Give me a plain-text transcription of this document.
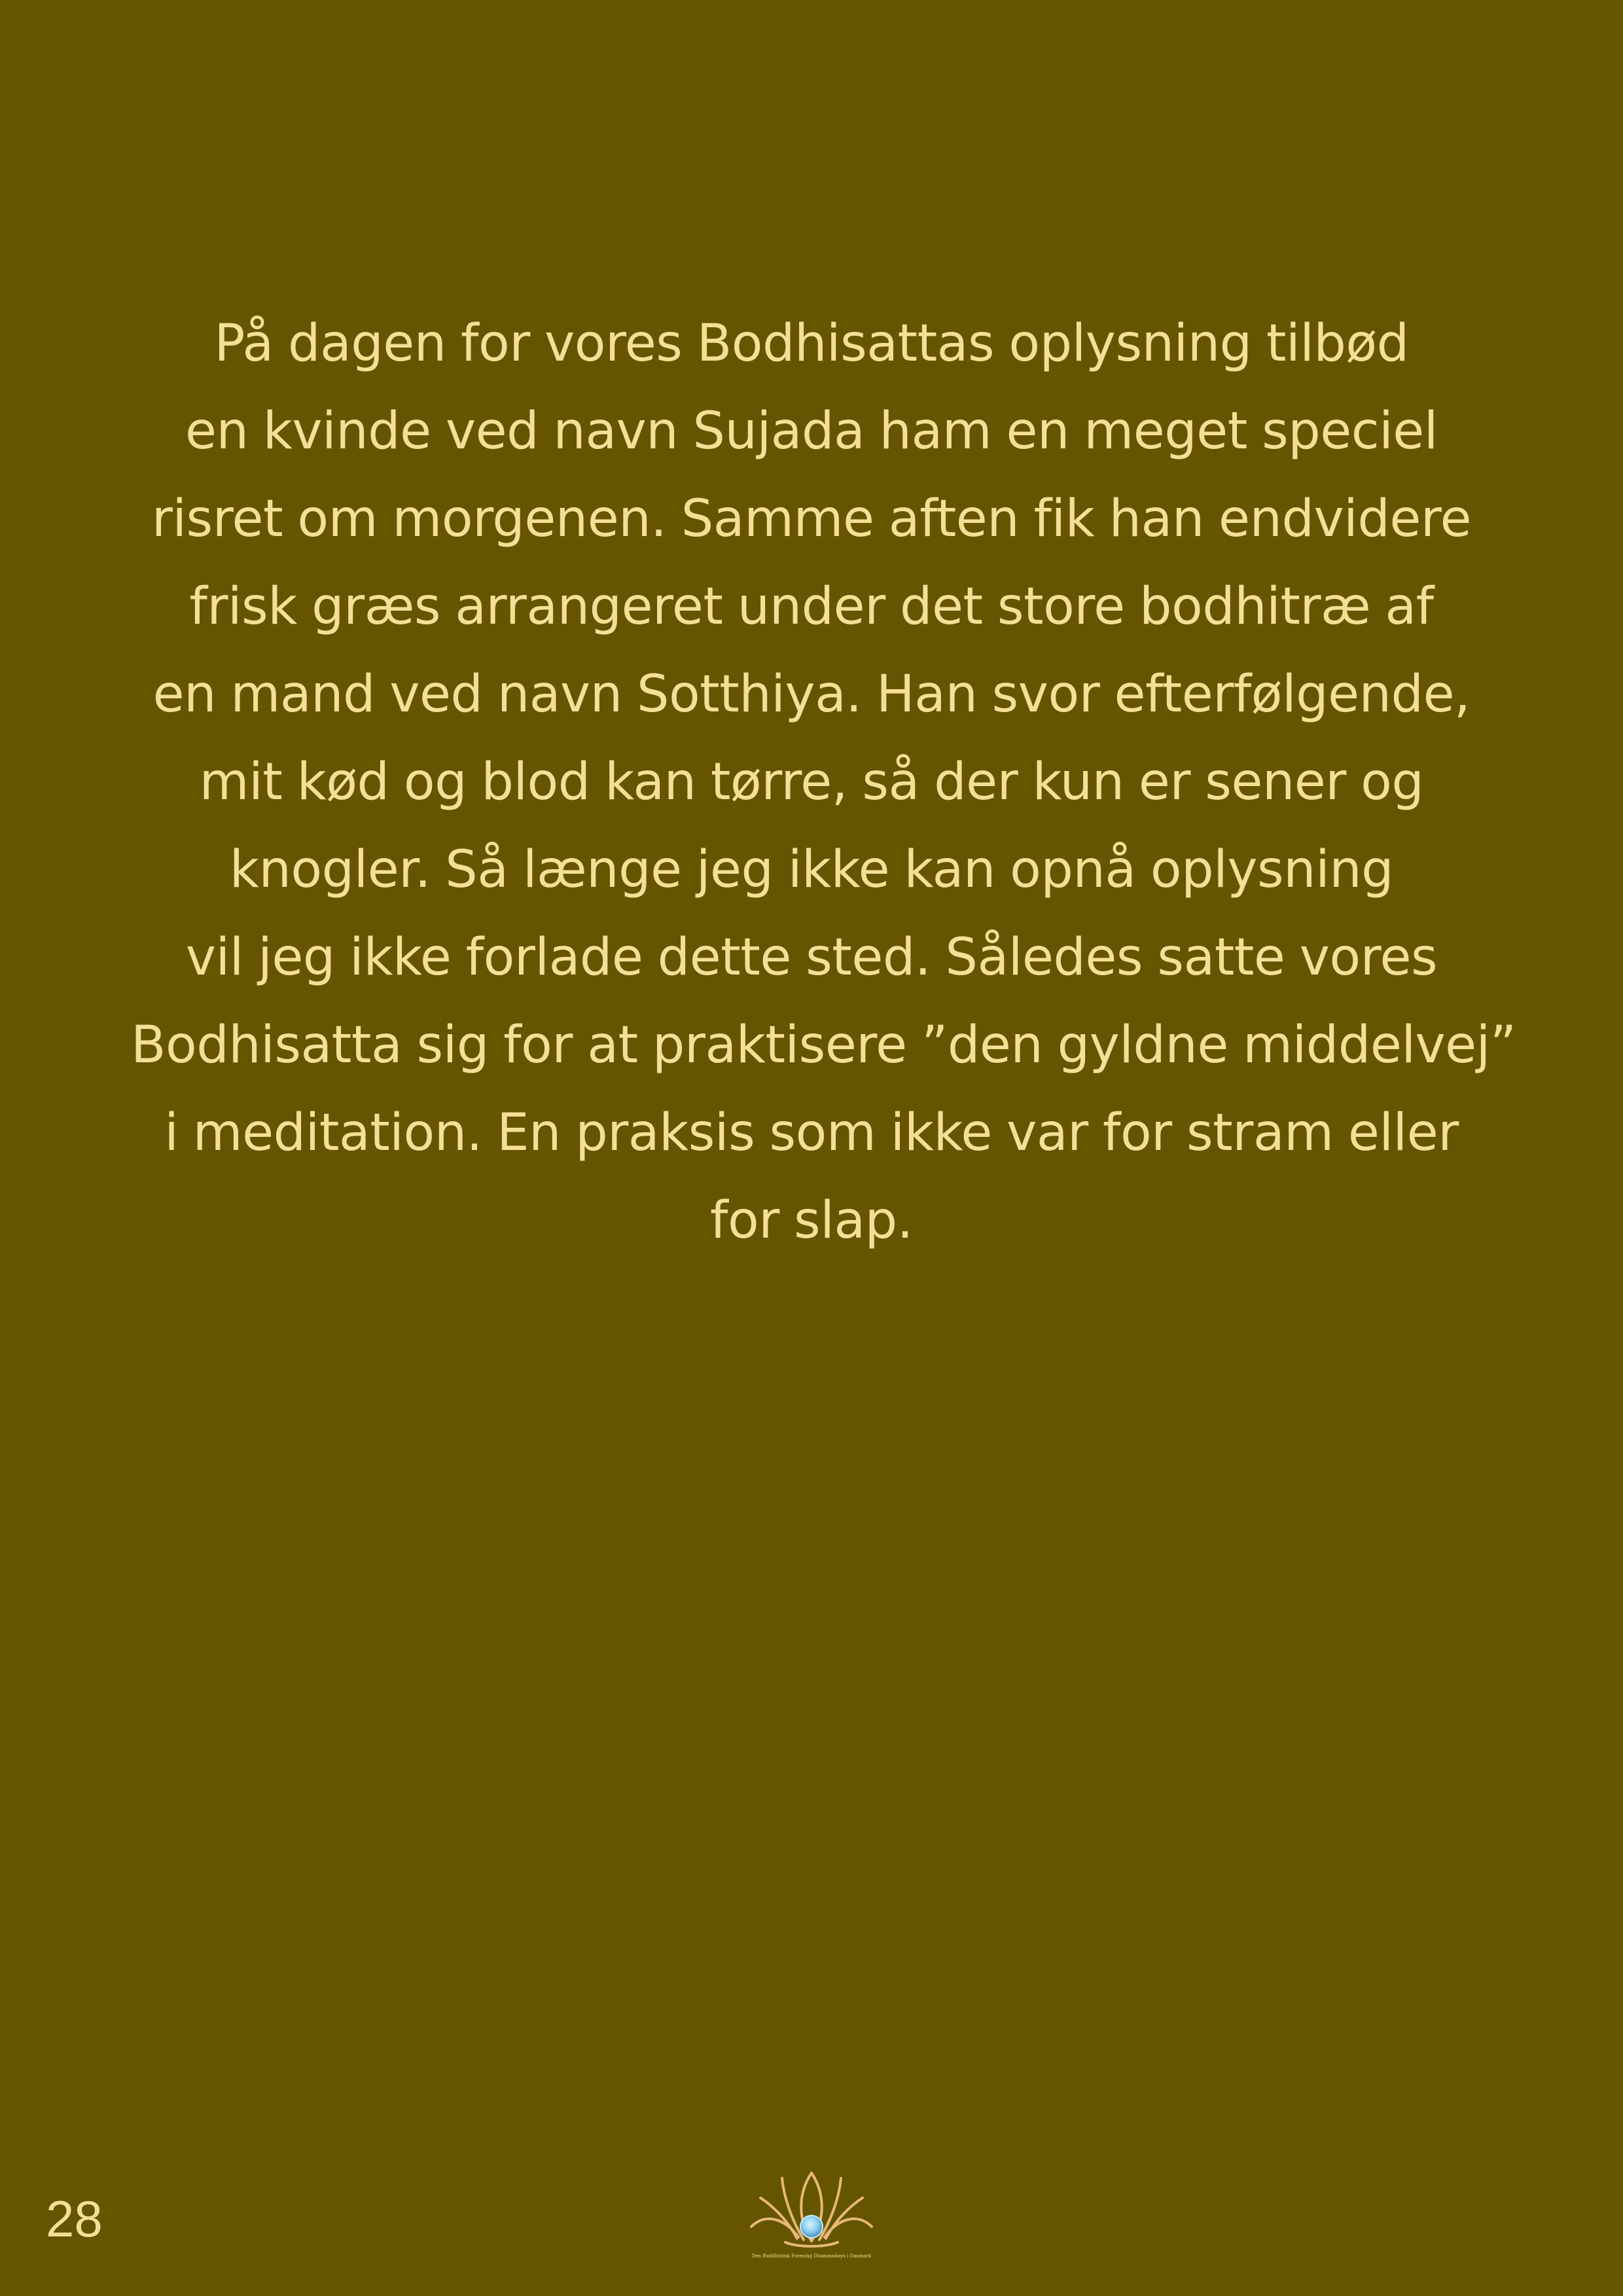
På dagen for vores Bodhisattas oplysning tilbød
en kvinde ved navn Sujada ham en meget speciel
risret om morgenen. Samme aften fik han endvidere
frisk græs arrangeret under det store bodhitræ af
en mand ved navn Sotthiya. Han svor efterfølgende,
mit kød og blod kan tørre, så der kun er sener og
knogler. Så længe jeg ikke kan opnå oplysning
vil jeg ikke forlade dette sted. Således satte vores
Bodhisatta sig for at praktisere ”den gyldne middelvej”
i meditation. En praksis som ikke var for stram eller
for slap.
28
Den Buddhistisk Forening Dhammadayo i Danmark
